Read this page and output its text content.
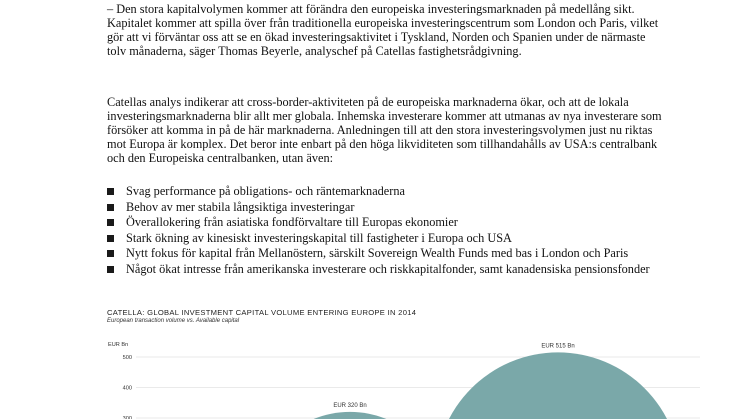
– Den stora kapitalvolymen kommer att förändra den europeiska investeringsmarknaden på medellång sikt. Kapitalet kommer att spilla över från traditionella europeiska investeringscentrum som London och Paris, vilket gör att vi förväntar oss att se en ökad investeringsaktivitet i Tyskland, Norden och Spanien under de närmaste tolv månaderna, säger Thomas Beyerle, analyschef på Catellas fastighetsrådgivning.

Catellas analys indikerar att cross-border-aktiviteten på de europeiska marknaderna ökar, och att de lokala investeringsmarknaderna blir allt mer globala. Inhemska investerare kommer att utmanas av nya investerare som försöker att komma in på de här marknaderna. Anledningen till att den stora investeringsvolymen just nu riktas mot Europa är komplex. Det beror inte enbart på den höga likviditeten som tillhandahålls av USA:s centralbank och den Europeiska centralbanken, utan även:

Svag performance på obligations- och räntemarknaderna
Behov av mer stabila långsiktiga investeringar
Överallokering från asiatiska fondförvaltare till Europas ekonomier
Stark ökning av kinesiskt investeringskapital till fastigheter i Europa och USA
Nytt fokus för kapital från Mellanöstern, särskilt Sovereign Wealth Funds med bas i London och Paris
Något ökat intresse från amerikanska investerare och riskkapitalfonder, samt kanadensiska pensionsfonder
CATELLA: GLOBAL INVESTMENT CAPITAL VOLUME ENTERING EUROPE IN 2014
European transaction volume vs. Available capital
EUR Bn
300
400
500
EUR 320 Bn
EUR 515 Bn
